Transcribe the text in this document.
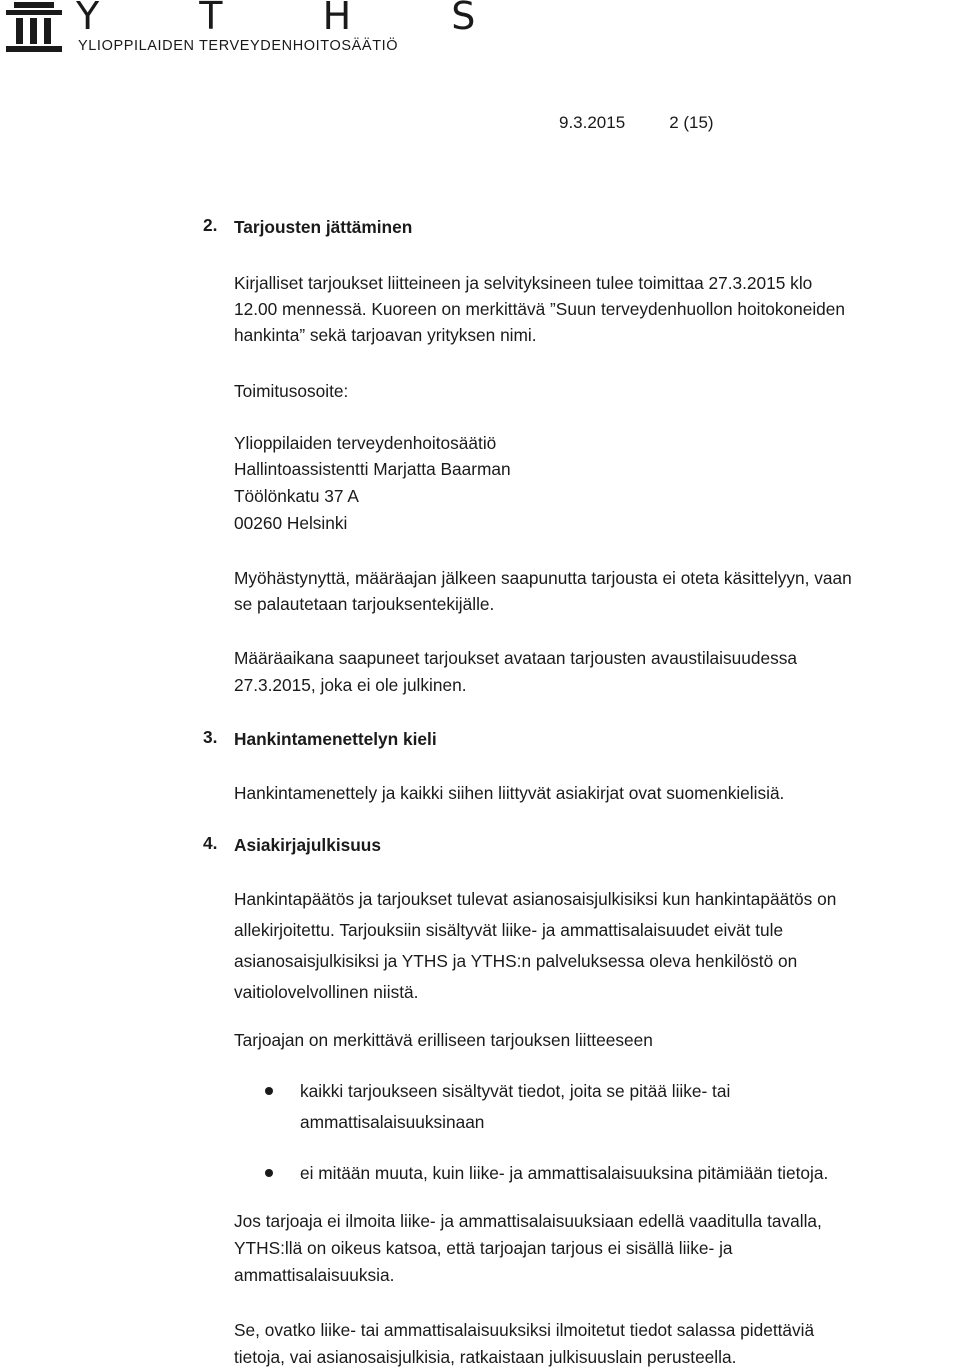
Y T H S
YLIOPPILAIDEN TERVEYDENHOITOSÄÄTIÖ
9.3.2015	2 (15)
2. Tarjousten jättäminen
Kirjalliset tarjoukset liitteineen ja selvityksineen tulee toimittaa 27.3.2015 klo
12.00 mennessä. Kuoreen on merkittävä ”Suun terveydenhuollon hoitokoneiden
hankinta” sekä tarjoavan yrityksen nimi.
Toimitusosoite:
Ylioppilaiden terveydenhoitosäätiö
Hallintoassistentti Marjatta Baarman
Töölönkatu 37 A
00260 Helsinki
Myöhästynyttä, määräajan jälkeen saapunutta tarjousta ei oteta käsittelyyn, vaan
se palautetaan tarjouksentekijälle.
Määräaikana saapuneet tarjoukset avataan tarjousten avaustilaisuudessa
27.3.2015, joka ei ole julkinen.
3. Hankintamenettelyn kieli
Hankintamenettely ja kaikki siihen liittyvät asiakirjat ovat suomenkielisiä.
4. Asiakirjajulkisuus
Hankintapäätös ja tarjoukset tulevat asianosaisjulkisiksi kun hankintapäätös on
allekirjoitettu. Tarjouksiin sisältyvät liike- ja ammattisalaisuudet eivät tule
asianosaisjulkisiksi ja YTHS ja YTHS:n palveluksessa oleva henkilöstö on
vaitiolovelvollinen niistä.
Tarjoajan on merkittävä erilliseen tarjouksen liitteeseen
kaikki tarjoukseen sisältyvät tiedot, joita se pitää liike- tai
ammattisalaisuuksinaan
ei mitään muuta, kuin liike- ja ammattisalaisuuksina pitämiään tietoja.
Jos tarjoaja ei ilmoita liike- ja ammattisalaisuuksiaan edellä vaaditulla tavalla,
YTHS:llä on oikeus katsoa, että tarjoajan tarjous ei sisällä liike- ja
ammattisalaisuuksia.
Se, ovatko liike- tai ammattisalaisuuksiksi ilmoitetut tiedot salassa pidettäviä
tietoja, vai asianosaisjulkisia, ratkaistaan julkisuuslain perusteella.
